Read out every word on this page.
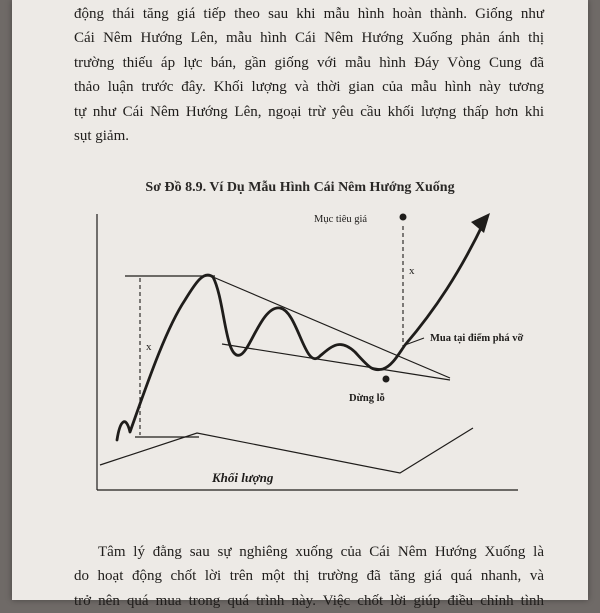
động thái tăng giá tiếp theo sau khi mẫu hình hoàn thành. Giống như
Cái Nêm Hướng Lên, mẫu hình Cái Nêm Hướng Xuống phản ánh thị
trường thiếu áp lực bán, gần giống với mẫu hình Đáy Vòng Cung đã
thảo luận trước đây. Khối lượng và thời gian của mẫu hình này tương
tự như Cái Nêm Hướng Lên, ngoại trừ yêu cầu khối lượng thấp hơn khi
sụt giảm.

Sơ Đồ 8.9. Ví Dụ Mẫu Hình Cái Nêm Hướng Xuống
x
Mục tiêu giá
x
Mua tại điểm phá vỡ
Dừng lỗ
Khối lượng

Tâm lý đằng sau sự nghiêng xuống của Cái Nêm Hướng Xuống là
do hoạt động chốt lời trên một thị trường đã tăng giá quá nhanh, và
trở nên quá mua trong quá trình này. Việc chốt lời giúp điều chỉnh tình
